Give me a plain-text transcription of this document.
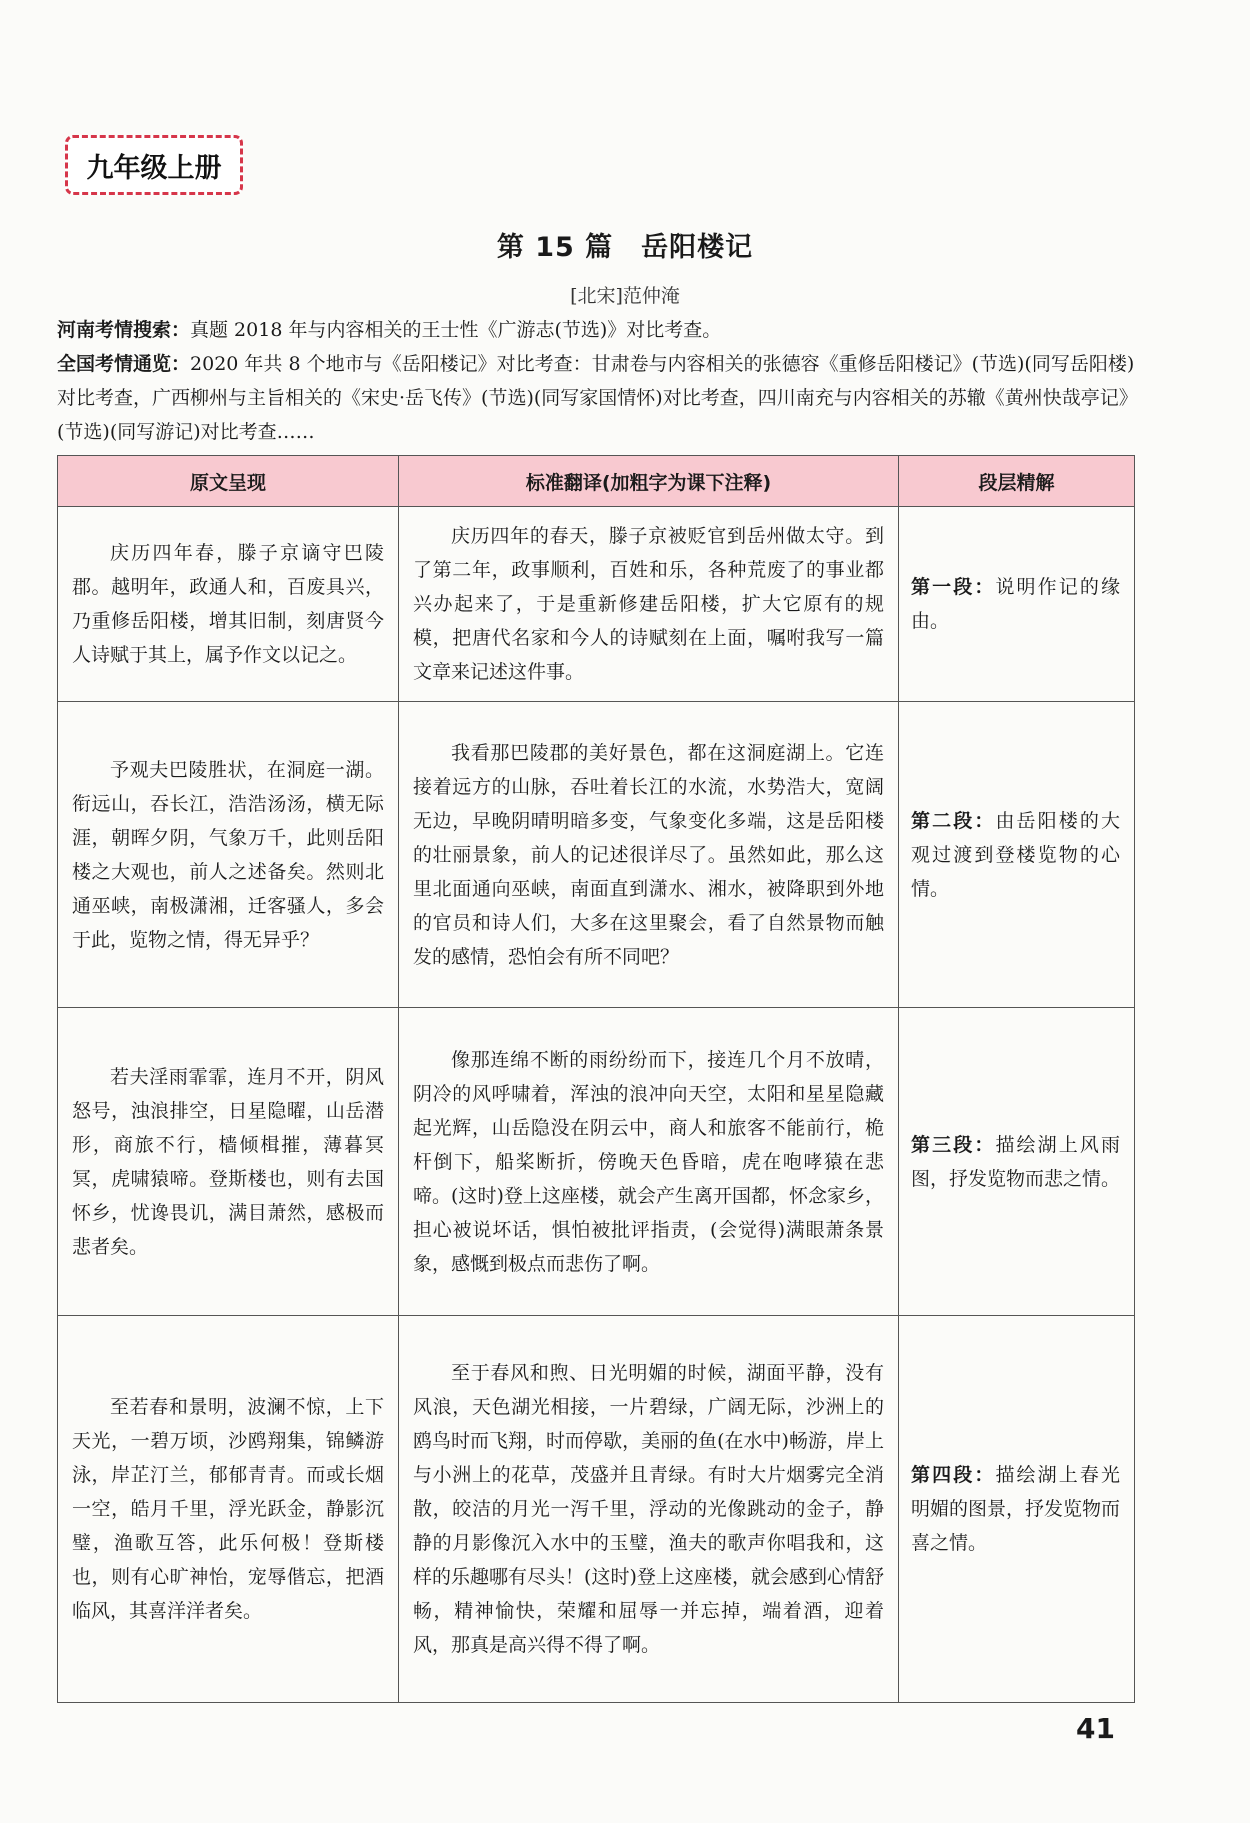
九年级上册
第 15 篇　岳阳楼记
[北宋]范仲淹
河南考情搜索：真题 2018 年与内容相关的王士性《广游志(节选)》对比考查。
全国考情通览：2020 年共 8 个地市与《岳阳楼记》对比考查：甘肃卷与内容相关的张德容《重修岳阳楼记》(节选)(同写岳阳楼)对比考查，广西柳州与主旨相关的《宋史·岳飞传》(节选)(同写家国情怀)对比考查，四川南充与内容相关的苏辙《黄州快哉亭记》(节选)(同写游记)对比考查……
原文呈现	标准翻译(加粗字为课下注释)	段层精解
庆历四年春，滕子京谪守巴陵郡。越明年，政通人和，百废具兴，乃重修岳阳楼，增其旧制，刻唐贤今人诗赋于其上，属予作文以记之。	庆历四年的春天，滕子京被贬官到岳州做太守。到了第二年，政事顺利，百姓和乐，各种荒废了的事业都兴办起来了，于是重新修建岳阳楼，扩大它原有的规模，把唐代名家和今人的诗赋刻在上面，嘱咐我写一篇文章来记述这件事。	第一段：说明作记的缘由。
予观夫巴陵胜状，在洞庭一湖。衔远山，吞长江，浩浩汤汤，横无际涯，朝晖夕阴，气象万千，此则岳阳楼之大观也，前人之述备矣。然则北通巫峡，南极潇湘，迁客骚人，多会于此，览物之情，得无异乎？	我看那巴陵郡的美好景色，都在这洞庭湖上。它连接着远方的山脉，吞吐着长江的水流，水势浩大，宽阔无边，早晚阴晴明暗多变，气象变化多端，这是岳阳楼的壮丽景象，前人的记述很详尽了。虽然如此，那么这里北面通向巫峡，南面直到潇水、湘水，被降职到外地的官员和诗人们，大多在这里聚会，看了自然景物而触发的感情，恐怕会有所不同吧？	第二段：由岳阳楼的大观过渡到登楼览物的心情。
若夫淫雨霏霏，连月不开，阴风怒号，浊浪排空，日星隐曜，山岳潜形，商旅不行，樯倾楫摧，薄暮冥冥，虎啸猿啼。登斯楼也，则有去国怀乡，忧谗畏讥，满目萧然，感极而悲者矣。	像那连绵不断的雨纷纷而下，接连几个月不放晴，阴冷的风呼啸着，浑浊的浪冲向天空，太阳和星星隐藏起光辉，山岳隐没在阴云中，商人和旅客不能前行，桅杆倒下，船桨断折，傍晚天色昏暗，虎在咆哮猿在悲啼。(这时)登上这座楼，就会产生离开国都，怀念家乡，担心被说坏话，惧怕被批评指责，(会觉得)满眼萧条景象，感慨到极点而悲伤了啊。	第三段：描绘湖上风雨图，抒发览物而悲之情。
至若春和景明，波澜不惊，上下天光，一碧万顷，沙鸥翔集，锦鳞游泳，岸芷汀兰，郁郁青青。而或长烟一空，皓月千里，浮光跃金，静影沉璧，渔歌互答，此乐何极！登斯楼也，则有心旷神怡，宠辱偕忘，把酒临风，其喜洋洋者矣。	至于春风和煦、日光明媚的时候，湖面平静，没有风浪，天色湖光相接，一片碧绿，广阔无际，沙洲上的鸥鸟时而飞翔，时而停歇，美丽的鱼(在水中)畅游，岸上与小洲上的花草，茂盛并且青绿。有时大片烟雾完全消散，皎洁的月光一泻千里，浮动的光像跳动的金子，静静的月影像沉入水中的玉璧，渔夫的歌声你唱我和，这样的乐趣哪有尽头！(这时)登上这座楼，就会感到心情舒畅，精神愉快，荣耀和屈辱一并忘掉，端着酒，迎着风，那真是高兴得不得了啊。	第四段：描绘湖上春光明媚的图景，抒发览物而喜之情。
41
